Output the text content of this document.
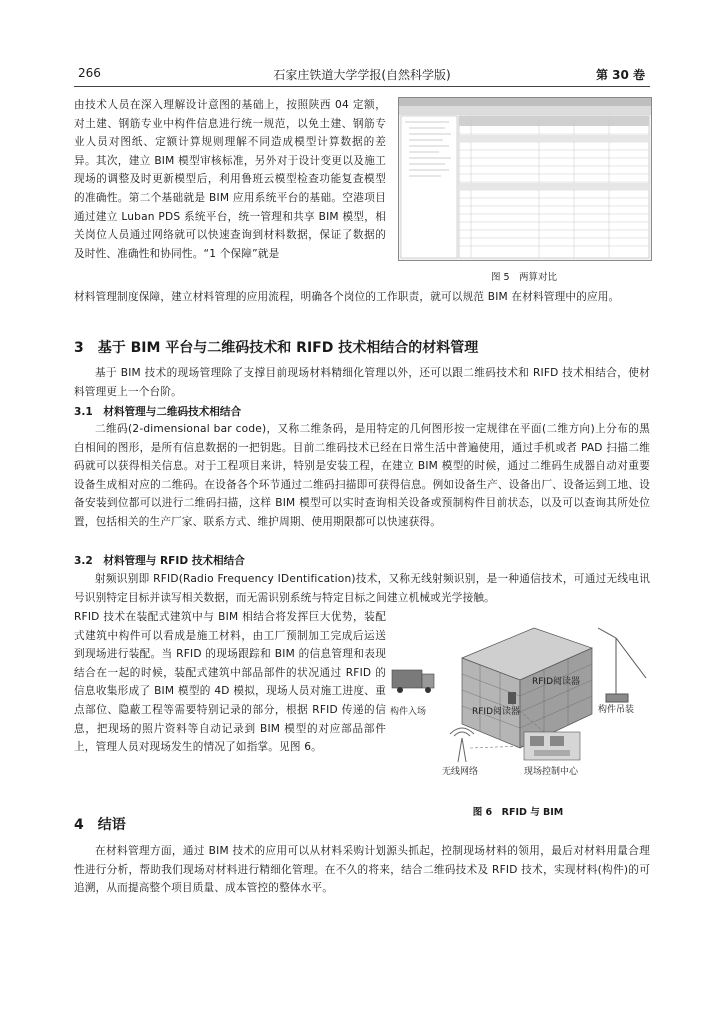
266	石家庄铁道大学学报(自然科学版)	第 30 卷

由技术人员在深入理解设计意图的基础上，按照陕西 04 定额，对土建、钢筋专业中构件信息进行统一规范，以免土建、钢筋专业人员对图纸、定额计算规则理解不同造成模型计算数据的差异。其次，建立 BIM 模型审核标准，另外对于设计变更以及施工现场的调整及时更新模型后，利用鲁班云模型检查功能复查模型的准确性。第二个基础就是 BIM 应用系统平台的基础。空港项目通过建立 Luban PDS 系统平台，统一管理和共享 BIM 模型，相关岗位人员通过网络就可以快速查询到材料数据，保证了数据的及时性、准确性和协同性。“1 个保障”就是

材料管理制度保障，建立材料管理的应用流程，明确各个岗位的工作职责，就可以规范 BIM 在材料管理中的应用。

图 5　两算对比
3　基于 BIM 平台与二维码技术和 RIFD 技术相结合的材料管理

基于 BIM 技术的现场管理除了支撑目前现场材料精细化管理以外，还可以跟二维码技术和 RIFD 技术相结合，使材料管理更上一个台阶。

3.1　材料管理与二维码技术相结合

二维码(2-dimensional bar code)，又称二维条码，是用特定的几何图形按一定规律在平面(二维方向)上分布的黑白相间的图形，是所有信息数据的一把钥匙。目前二维码技术已经在日常生活中普遍使用，通过手机或者 PAD 扫描二维码就可以获得相关信息。对于工程项目来讲，特别是安装工程，在建立 BIM 模型的时候，通过二维码生成器自动对重要设备生成相对应的二维码。在设备各个环节通过二维码扫描即可获得信息。例如设备生产、设备出厂、设备运到工地、设备安装到位都可以进行二维码扫描，这样 BIM 模型可以实时查询相关设备或预制构件目前状态，以及可以查询其所处位置，包括相关的生产厂家、联系方式、维护周期、使用期限都可以快速获得。

3.2　材料管理与 RFID 技术相结合

射频识别即 RFID(Radio Frequency IDentification)技术，又称无线射频识别，是一种通信技术，可通过无线电讯号识别特定目标并读写相关数据，而无需识别系统与特定目标之间建立机械或光学接触。

RFID 技术在装配式建筑中与 BIM 相结合将发挥巨大优势，装配式建筑中构件可以看成是施工材料，由工厂预制加工完成后运送到现场进行装配。当 RFID 的现场跟踪和 BIM 的信息管理和表现结合在一起的时候，装配式建筑中部品部件的状况通过 RFID 的信息收集形成了 BIM 模型的 4D 模拟，现场人员对施工进度、重点部位、隐蔽工程等需要特别记录的部分，根据 RFID 传递的信息，把现场的照片资料等自动记录到 BIM 模型的对应部品部件上，管理人员对现场发生的情况了如指掌。见图 6。

RFID阅读器
构件入场	RFID阅读器	构件吊装
无线网络	现场控制中心
图 6　RFID 与 BIM
4　结语

在材料管理方面，通过 BIM 技术的应用可以从材料采购计划源头抓起，控制现场材料的领用，最后对材料用量合理性进行分析，帮助我们现场对材料进行精细化管理。在不久的将来，结合二维码技术及 RFID 技术，实现材料(构件)的可追溯，从而提高整个项目质量、成本管控的整体水平。
